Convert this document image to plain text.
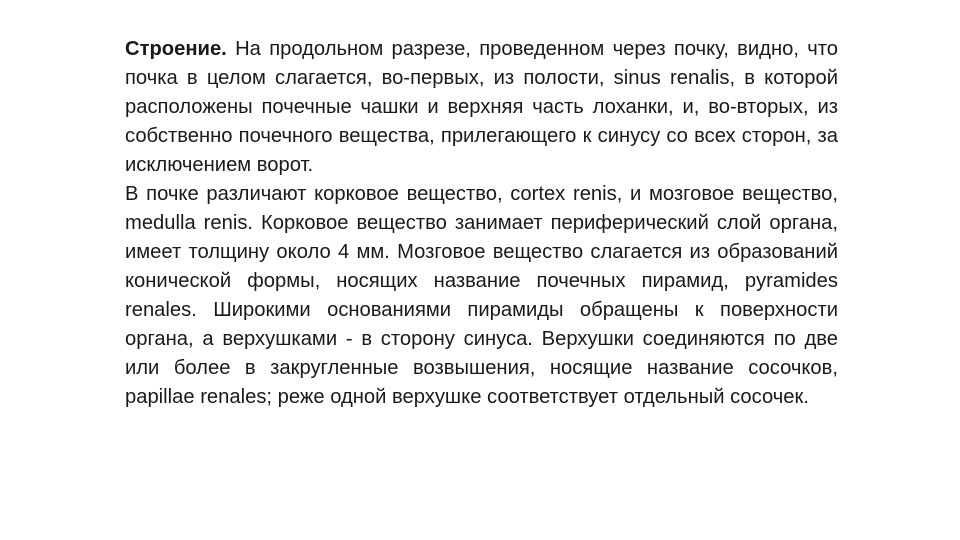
Строение. На продольном разрезе, проведенном через почку, видно, что почка в целом слагается, во-первых, из полости, sinus renalis, в которой расположены почечные чашки и верхняя часть лоханки, и, во-вторых, из собственно почечного вещества, прилегающего к синусу со всех сторон, за исключением ворот.

В почке различают корковое вещество, cortex renis, и мозговое вещество, medulla renis. Корковое вещество занимает периферический слой органа, имеет толщину около 4 мм. Мозговое вещество слагается из образований конической формы, носящих название почечных пирамид, pyramides renales. Широкими основаниями пирамиды обращены к поверхности органа, а верхушками - в сторону синуса. Верхушки соединяются по две или более в закругленные возвышения, носящие название сосочков, papillae renales; реже одной верхушке соответствует отдельный сосочек.
